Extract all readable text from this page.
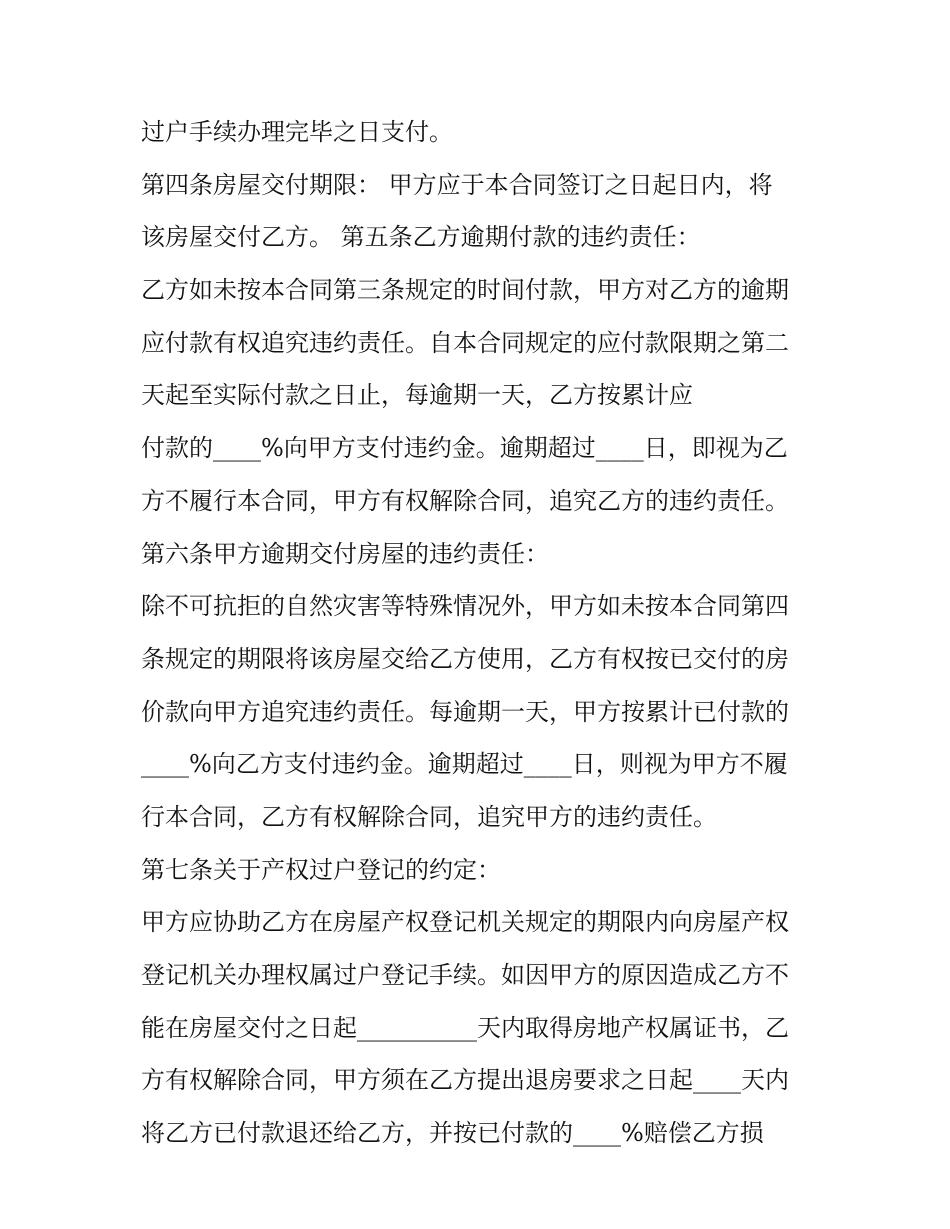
过户手续办理完毕之日支付。
第四条房屋交付期限： 甲方应于本合同签订之日起日内，将
该房屋交付乙方。 第五条乙方逾期付款的违约责任：
乙方如未按本合同第三条规定的时间付款，甲方对乙方的逾期
应付款有权追究违约责任。自本合同规定的应付款限期之第二
天起至实际付款之日止，每逾期一天，乙方按累计应
付款的____%向甲方支付违约金。逾期超过____日，即视为乙
方不履行本合同，甲方有权解除合同，追究乙方的违约责任。
第六条甲方逾期交付房屋的违约责任：
除不可抗拒的自然灾害等特殊情况外，甲方如未按本合同第四
条规定的期限将该房屋交给乙方使用，乙方有权按已交付的房
价款向甲方追究违约责任。每逾期一天，甲方按累计已付款的
____%向乙方支付违约金。逾期超过____日，则视为甲方不履
行本合同，乙方有权解除合同，追究甲方的违约责任。
第七条关于产权过户登记的约定：
甲方应协助乙方在房屋产权登记机关规定的期限内向房屋产权
登记机关办理权属过户登记手续。如因甲方的原因造成乙方不
能在房屋交付之日起__________天内取得房地产权属证书，乙
方有权解除合同，甲方须在乙方提出退房要求之日起____天内
将乙方已付款退还给乙方，并按已付款的____%赔偿乙方损
